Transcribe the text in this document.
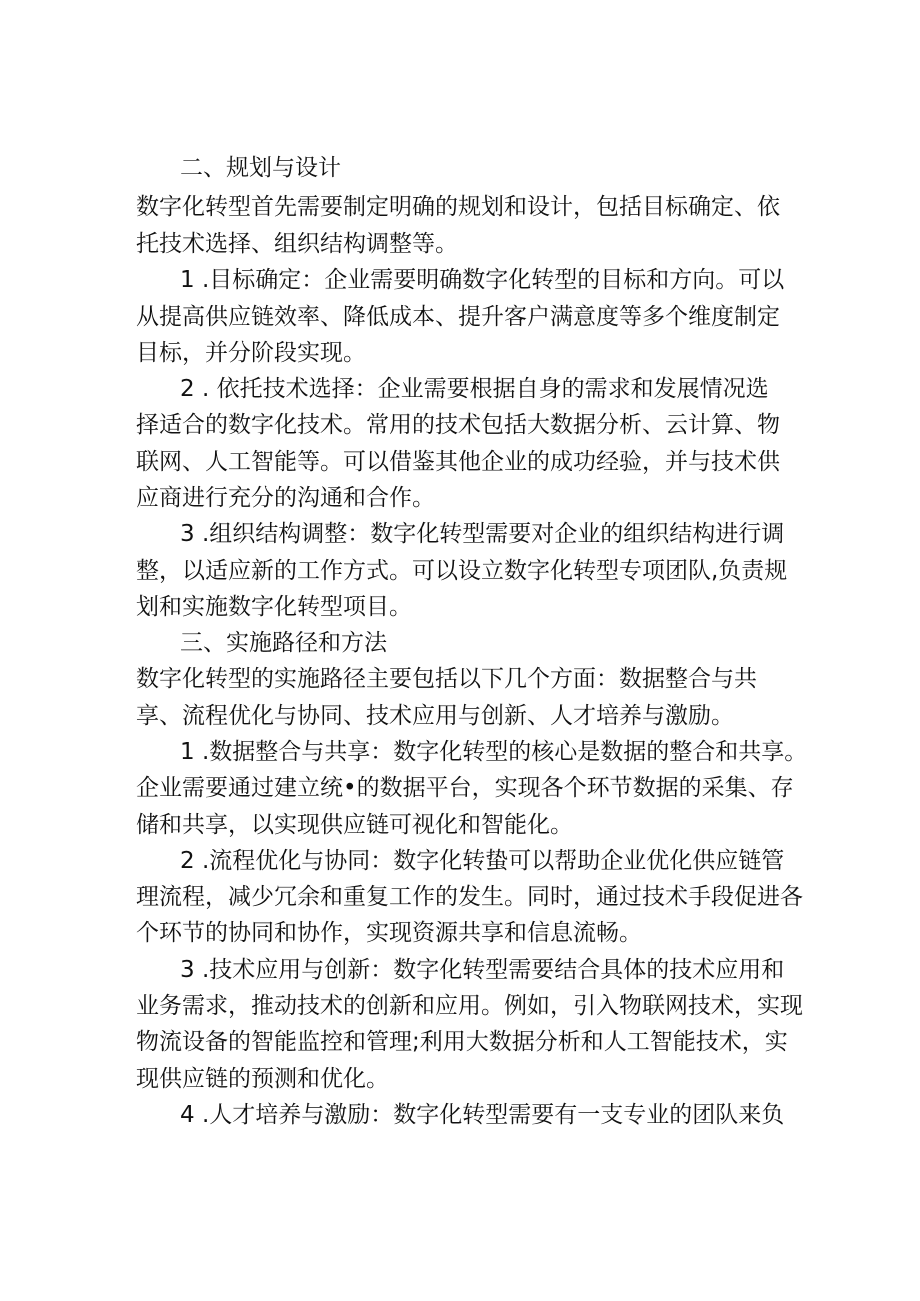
二、规划与设计
数字化转型首先需要制定明确的规划和设计，包括目标确定、依
托技术选择、组织结构调整等。
1 .目标确定：企业需要明确数字化转型的目标和方向。可以
从提高供应链效率、降低成本、提升客户满意度等多个维度制定
目标，并分阶段实现。
2 . 依托技术选择：企业需要根据自身的需求和发展情况选
择适合的数字化技术。常用的技术包括大数据分析、云计算、物
联网、人工智能等。可以借鉴其他企业的成功经验，并与技术供
应商进行充分的沟通和合作。
3 .组织结构调整：数字化转型需要对企业的组织结构进行调
整，以适应新的工作方式。可以设立数字化转型专项团队,负责规
划和实施数字化转型项目。
三、实施路径和方法
数字化转型的实施路径主要包括以下几个方面：数据整合与共
享、流程优化与协同、技术应用与创新、人才培养与激励。
1 .数据整合与共享：数字化转型的核心是数据的整合和共享。
企业需要通过建立统•的数据平台，实现各个环节数据的采集、存
储和共享，以实现供应链可视化和智能化。
2 .流程优化与协同：数字化转蛰可以帮助企业优化供应链管
理流程，减少冗余和重复工作的发生。同时，通过技术手段促进各
个环节的协同和协作，实现资源共享和信息流畅。
3 .技术应用与创新：数字化转型需要结合具体的技术应用和
业务需求，推动技术的创新和应用。例如，引入物联网技术，实现
物流设备的智能监控和管理;利用大数据分析和人工智能技术，实
现供应链的预测和优化。
4 .人才培养与激励：数字化转型需要有一支专业的团队来负
